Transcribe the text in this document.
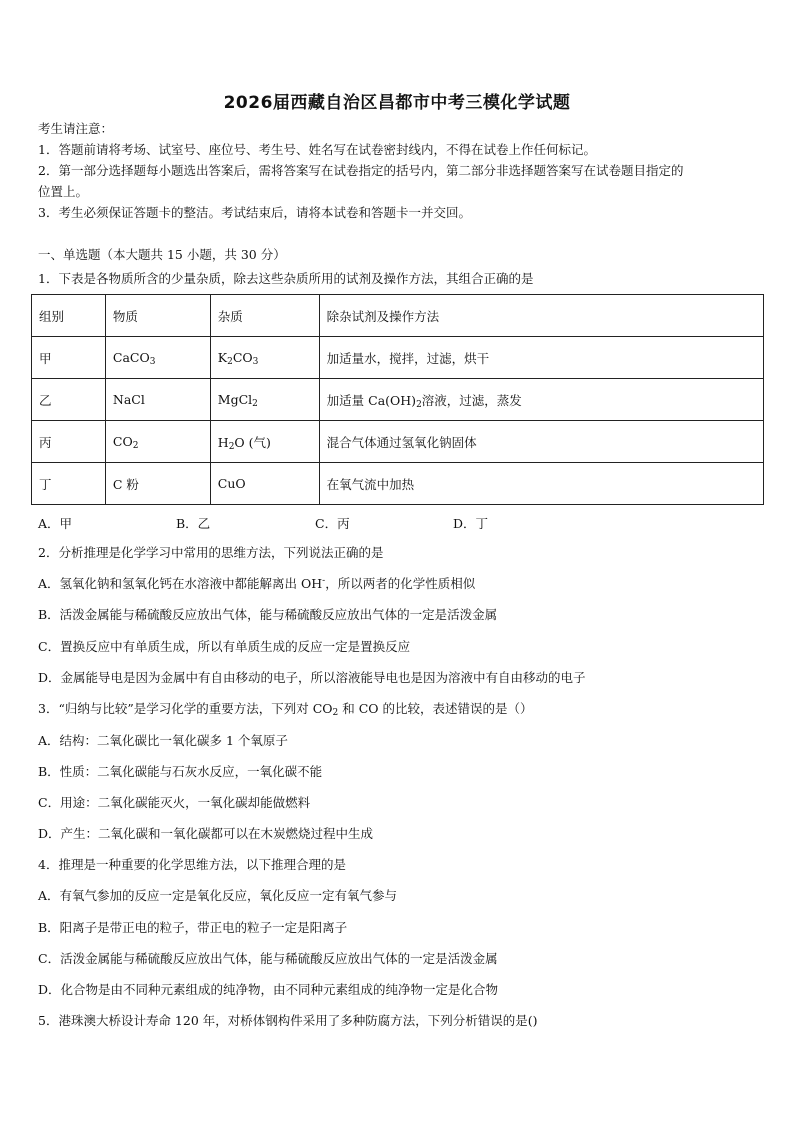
2026届西藏自治区昌都市中考三模化学试题
考生请注意：
1．答题前请将考场、试室号、座位号、考生号、姓名写在试卷密封线内，不得在试卷上作任何标记。
2．第一部分选择题每小题选出答案后，需将答案写在试卷指定的括号内，第二部分非选择题答案写在试卷题目指定的
位置上。
3．考生必须保证答题卡的整洁。考试结束后，请将本试卷和答题卡一并交回。
一、单选题（本大题共 15 小题，共 30 分）
1．下表是各物质所含的少量杂质，除去这些杂质所用的试剂及操作方法，其组合正确的是
组别	物质	杂质	除杂试剂及操作方法
甲	CaCO$_3$	$K_2CO_3$	加适量水，搅拌，过滤，烘干
乙	NaCl	MgCl$_2$	加适量 $Ca(OH)_2$溶液，过滤，蒸发
丙	$CO_2$	$H_2O$ (气)	混合气体通过氢氧化钠固体
丁	C 粉	CuO	在氧气流中加热
A．甲	B．乙	C．丙	D．丁
2．分析推理是化学学习中常用的思维方法，下列说法正确的是
A．氢氧化钠和氢氧化钙在水溶液中都能解离出 OH-，所以两者的化学性质相似
B．活泼金属能与稀硫酸反应放出气体，能与稀硫酸反应放出气体的一定是活泼金属
C．置换反应中有单质生成，所以有单质生成的反应一定是置换反应
D．金属能导电是因为金属中有自由移动的电子，所以溶液能导电也是因为溶液中有自由移动的电子
3．“归纳与比较”是学习化学的重要方法，下列对 $CO_2$ 和 CO 的比较，表述错误的是（）
A．结构：二氧化碳比一氧化碳多 1 个氧原子
B．性质：二氧化碳能与石灰水反应，一氧化碳不能
C．用途：二氧化碳能灭火，一氧化碳却能做燃料
D．产生：二氧化碳和一氧化碳都可以在木炭燃烧过程中生成
4．推理是一种重要的化学思维方法，以下推理合理的是
A．有氧气参加的反应一定是氧化反应，氧化反应一定有氧气参与
B．阳离子是带正电的粒子，带正电的粒子一定是阳离子
C．活泼金属能与稀硫酸反应放出气体，能与稀硫酸反应放出气体的一定是活泼金属
D．化合物是由不同种元素组成的纯净物，由不同种元素组成的纯净物一定是化合物
5．港珠澳大桥设计寿命 120 年，对桥体钢构件采用了多种防腐方法，下列分析错误的是()
